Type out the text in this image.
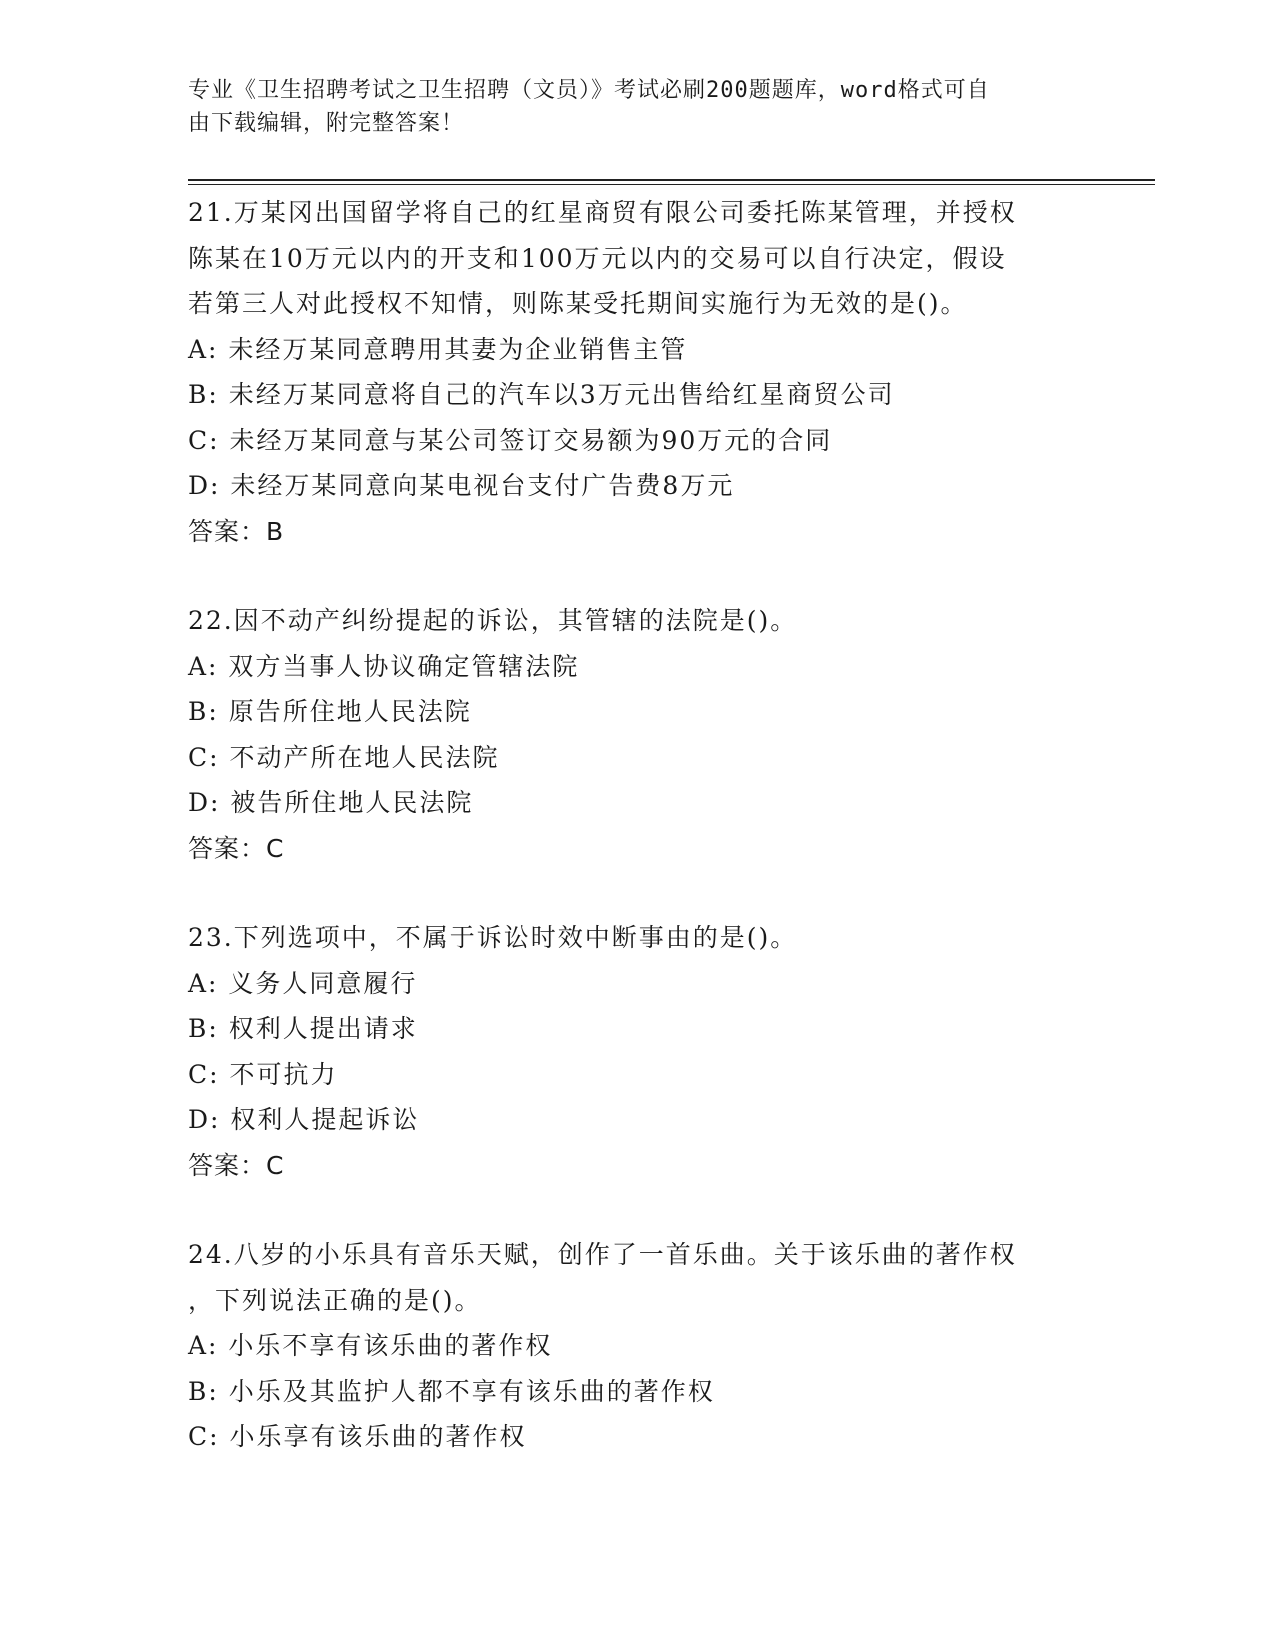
专业《卫生招聘考试之卫生招聘（文员）》考试必刷200题题库，word格式可自
由下载编辑，附完整答案！

21.万某冈出国留学将自己的红星商贸有限公司委托陈某管理，并授权

陈某在10万元以内的开支和100万元以内的交易可以自行决定，假设

若第三人对此授权不知情，则陈某受托期间实施行为无效的是()。

A: 未经万某同意聘用其妻为企业销售主管

B: 未经万某同意将自己的汽车以3万元出售给红星商贸公司

C: 未经万某同意与某公司签订交易额为90万元的合同

D: 未经万某同意向某电视台支付广告费8万元

答案：B

22.因不动产纠纷提起的诉讼，其管辖的法院是()。

A: 双方当事人协议确定管辖法院

B: 原告所住地人民法院

C: 不动产所在地人民法院

D: 被告所住地人民法院

答案：C

23.下列选项中，不属于诉讼时效中断事由的是()。

A: 义务人同意履行

B: 权利人提出请求

C: 不可抗力

D: 权利人提起诉讼

答案：C

24.八岁的小乐具有音乐天赋，创作了一首乐曲。关于该乐曲的著作权

，下列说法正确的是()。

A: 小乐不享有该乐曲的著作权

B: 小乐及其监护人都不享有该乐曲的著作权

C: 小乐享有该乐曲的著作权
